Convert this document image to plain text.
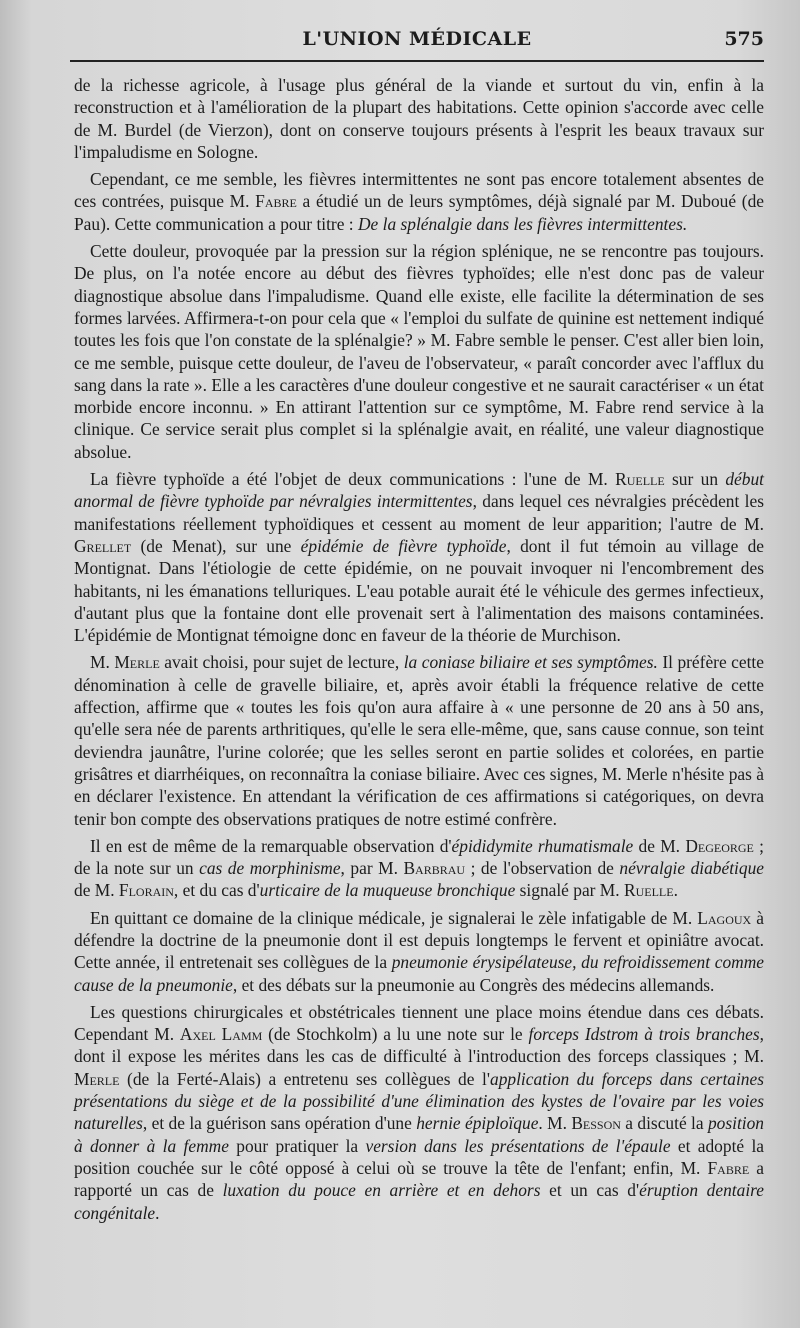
L'UNION MÉDICALE	575

de la richesse agricole, à l'usage plus général de la viande et surtout du vin, enfin à la reconstruction et à l'amélioration de la plupart des habitations. Cette opinion s'accorde avec celle de M. Burdel (de Vierzon), dont on conserve toujours présents à l'esprit les beaux travaux sur l'impaludisme en Sologne.

Cependant, ce me semble, les fièvres intermittentes ne sont pas encore totalement absentes de ces contrées, puisque M. Fabre a étudié un de leurs symptômes, déjà signalé par M. Duboué (de Pau). Cette communication a pour titre : De la splénalgie dans les fièvres intermittentes.

Cette douleur, provoquée par la pression sur la région splénique, ne se rencontre pas toujours. De plus, on l'a notée encore au début des fièvres typhoïdes; elle n'est donc pas de valeur diagnostique absolue dans l'impaludisme. Quand elle existe, elle facilite la détermination de ses formes larvées. Affirmera-t-on pour cela que « l'emploi du sulfate de quinine est nettement indiqué toutes les fois que l'on constate de la splénalgie? » M. Fabre semble le penser. C'est aller bien loin, ce me semble, puisque cette douleur, de l'aveu de l'observateur, « paraît concorder avec l'afflux du sang dans la rate ». Elle a les caractères d'une douleur congestive et ne saurait caractériser « un état morbide encore inconnu. » En attirant l'attention sur ce symptôme, M. Fabre rend service à la clinique. Ce service serait plus complet si la splénalgie avait, en réalité, une valeur diagnostique absolue.

La fièvre typhoïde a été l'objet de deux communications : l'une de M. Ruelle sur un début anormal de fièvre typhoïde par névralgies intermittentes, dans lequel ces névralgies précèdent les manifestations réellement typhoïdiques et cessent au moment de leur apparition; l'autre de M. Grellet (de Menat), sur une épidémie de fièvre typhoïde, dont il fut témoin au village de Montignat. Dans l'étiologie de cette épidémie, on ne pouvait invoquer ni l'encombrement des habitants, ni les émanations telluriques. L'eau potable aurait été le véhicule des germes infectieux, d'autant plus que la fontaine dont elle provenait sert à l'alimentation des maisons contaminées. L'épidémie de Montignat témoigne donc en faveur de la théorie de Murchison.

M. Merle avait choisi, pour sujet de lecture, la coniase biliaire et ses symptômes. Il préfère cette dénomination à celle de gravelle biliaire, et, après avoir établi la fréquence relative de cette affection, affirme que « toutes les fois qu'on aura affaire à « une personne de 20 ans à 50 ans, qu'elle sera née de parents arthritiques, qu'elle le sera elle-même, que, sans cause connue, son teint deviendra jaunâtre, l'urine colorée; que les selles seront en partie solides et colorées, en partie grisâtres et diarrhéiques, on reconnaîtra la coniase biliaire. Avec ces signes, M. Merle n'hésite pas à en déclarer l'existence. En attendant la vérification de ces affirmations si catégoriques, on devra tenir bon compte des observations pratiques de notre estimé confrère.

Il en est de même de la remarquable observation d'épididymite rhumatismale de M. Degeorge ; de la note sur un cas de morphinisme, par M. Barbrau ; de l'observation de névralgie diabétique de M. Florain, et du cas d'urticaire de la muqueuse bronchique signalé par M. Ruelle.

En quittant ce domaine de la clinique médicale, je signalerai le zèle infatigable de M. Lagoux à défendre la doctrine de la pneumonie dont il est depuis longtemps le fervent et opiniâtre avocat. Cette année, il entretenait ses collègues de la pneumonie érysipélateuse, du refroidissement comme cause de la pneumonie, et des débats sur la pneumonie au Congrès des médecins allemands.

Les questions chirurgicales et obstétricales tiennent une place moins étendue dans ces débats. Cependant M. Axel Lamm (de Stochkolm) a lu une note sur le forceps Idstrom à trois branches, dont il expose les mérites dans les cas de difficulté à l'introduction des forceps classiques ; M. Merle (de la Ferté-Alais) a entretenu ses collègues de l'application du forceps dans certaines présentations du siège et de la possibilité d'une élimination des kystes de l'ovaire par les voies naturelles, et de la guérison sans opération d'une hernie épiploïque. M. Besson a discuté la position à donner à la femme pour pratiquer la version dans les présentations de l'épaule et adopté la position couchée sur le côté opposé à celui où se trouve la tête de l'enfant; enfin, M. Fabre a rapporté un cas de luxation du pouce en arrière et en dehors et un cas d'éruption dentaire congénitale.
